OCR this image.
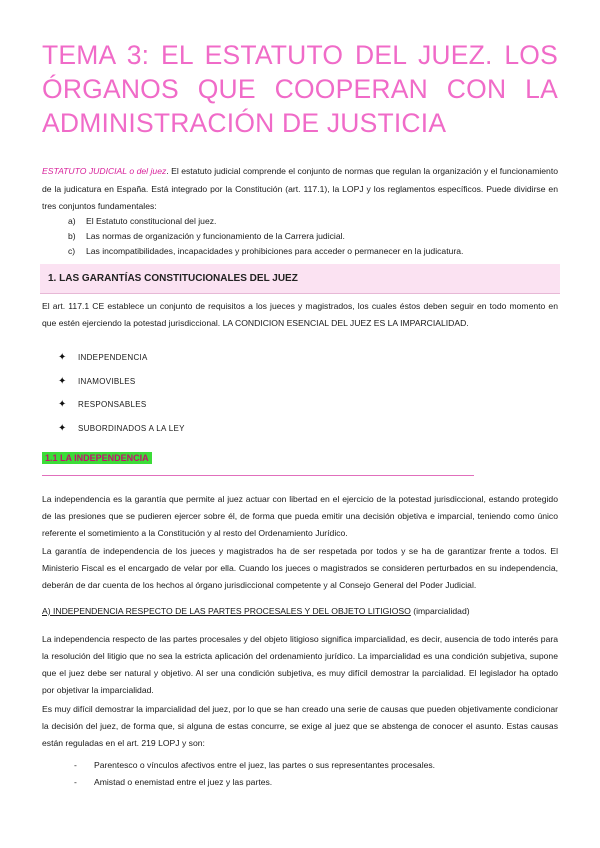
TEMA 3: EL ESTATUTO DEL JUEZ. LOS ÓRGANOS QUE COOPERAN CON LA ADMINISTRACIÓN DE JUSTICIA
ESTATUTO JUDICIAL o del juez. El estatuto judicial comprende el conjunto de normas que regulan la organización y el funcionamiento de la judicatura en España. Está integrado por la Constitución (art. 117.1), la LOPJ y los reglamentos específicos. Puede dividirse en tres conjuntos fundamentales:
a)	El Estatuto constitucional del juez.
b)	Las normas de organización y funcionamiento de la Carrera judicial.
c)	Las incompatibilidades, incapacidades y prohibiciones para acceder o permanecer en la judicatura.
1. LAS GARANTÍAS CONSTITUCIONALES DEL JUEZ
El art. 117.1 CE establece un conjunto de requisitos a los jueces y magistrados, los cuales éstos deben seguir en todo momento en que estén ejerciendo la potestad jurisdiccional. LA CONDICION ESENCIAL DEL JUEZ ES LA IMPARCIALIDAD.
✦	INDEPENDENCIA
✦	INAMOVIBLES
✦	RESPONSABLES
✦	SUBORDINADOS A LA LEY
1.1 LA INDEPENDENCIA
La independencia es la garantía que permite al juez actuar con libertad en el ejercicio de la potestad jurisdiccional, estando protegido de las presiones que se pudieren ejercer sobre él, de forma que pueda emitir una decisión objetiva e imparcial, teniendo como único referente el sometimiento a la Constitución y al resto del Ordenamiento Jurídico.
La garantía de independencia de los jueces y magistrados ha de ser respetada por todos y se ha de garantizar frente a todos. El Ministerio Fiscal es el encargado de velar por ella. Cuando los jueces o magistrados se consideren perturbados en su independencia, deberán de dar cuenta de los hechos al órgano jurisdiccional competente y al Consejo General del Poder Judicial.
A) INDEPENDENCIA RESPECTO DE LAS PARTES PROCESALES Y DEL OBJETO LITIGIOSO (imparcialidad)
La independencia respecto de las partes procesales y del objeto litigioso significa imparcialidad, es decir, ausencia de todo interés para la resolución del litigio que no sea la estricta aplicación del ordenamiento jurídico. La imparcialidad es una condición subjetiva, supone que el juez debe ser natural y objetivo. Al ser una condición subjetiva, es muy difícil demostrar la parcialidad. El legislador ha optado por objetivar la imparcialidad.
Es muy difícil demostrar la imparcialidad del juez, por lo que se han creado una serie de causas que pueden objetivamente condicionar la decisión del juez, de forma que, si alguna de estas concurre, se exige al juez que se abstenga de conocer el asunto. Estas causas están reguladas en el art. 219 LOPJ y son:
-	Parentesco o vínculos afectivos entre el juez, las partes o sus representantes procesales.
-	Amistad o enemistad entre el juez y las partes.
